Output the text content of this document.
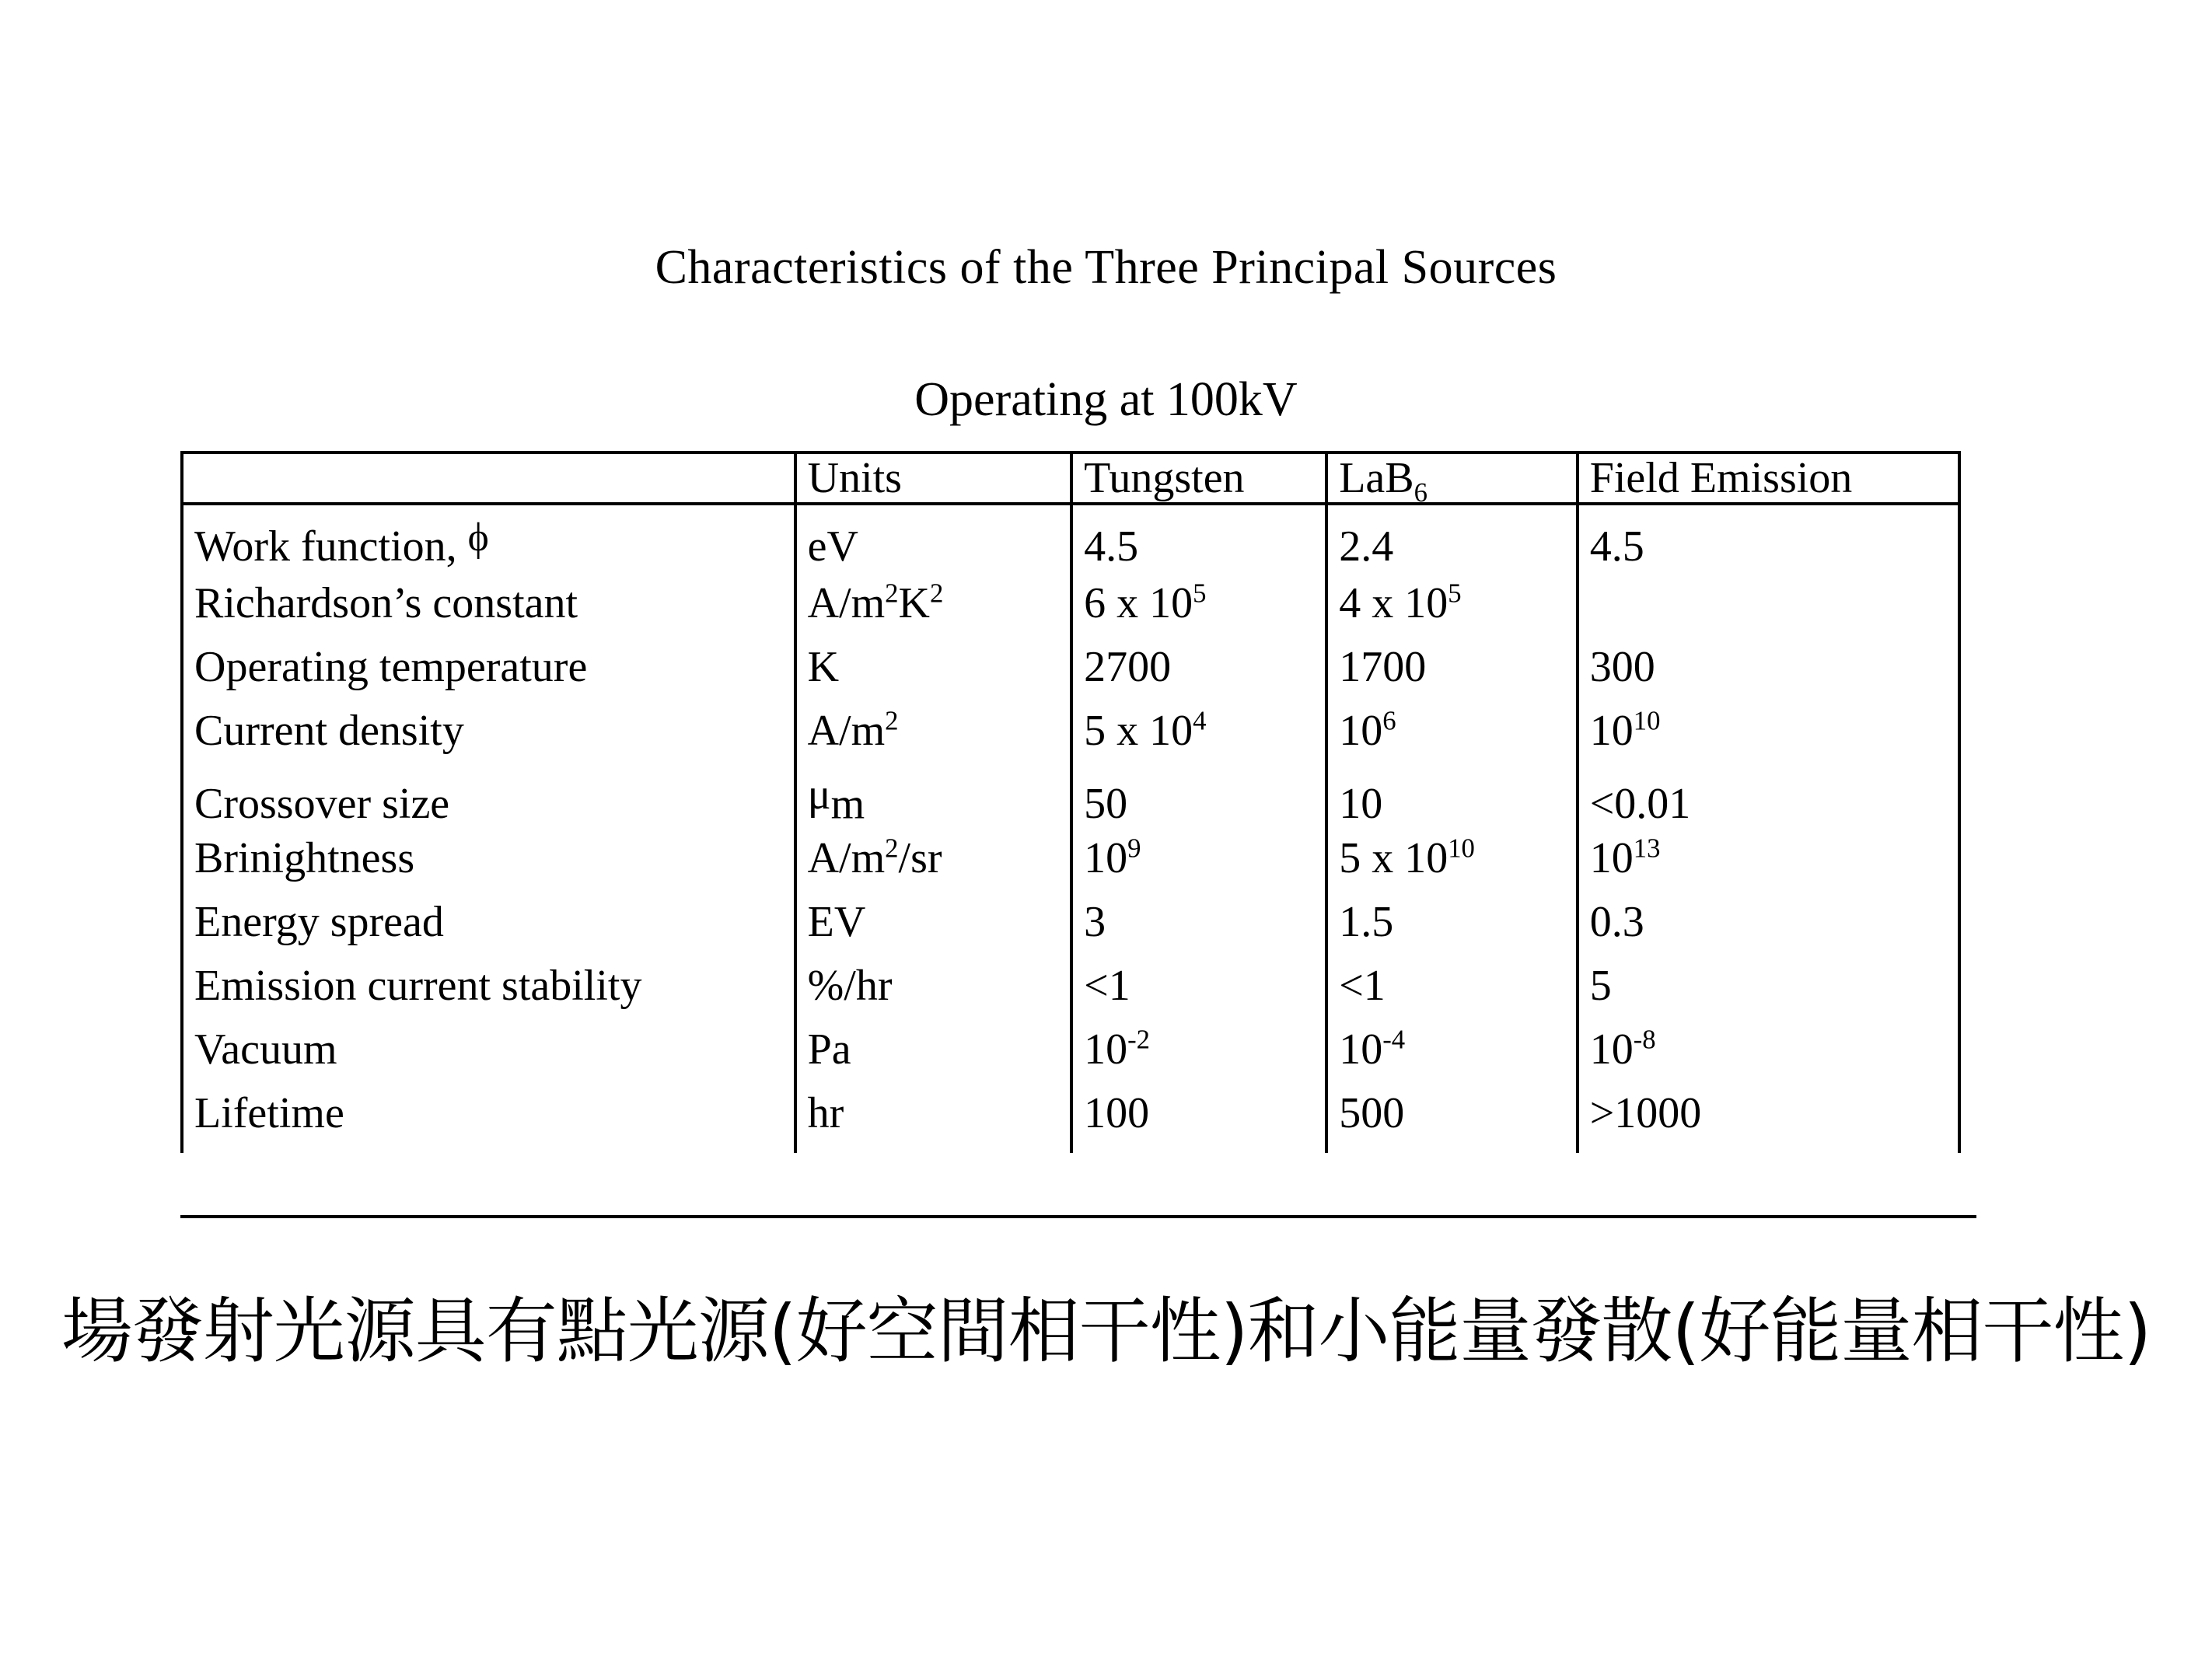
Characteristics of the Three Principal Sources
Operating at 100kV
	Units	Tungsten	LaB$_6$	Field Emission
Work function, ϕ	eV	4.5	2.4	4.5
Richardson’s constant	$A/m^2K^2$	6 x $10^5$	4 x $10^5$	
Operating temperature	K	2700	1700	300
Current density	$A/m^2$	5 x $10^4$	$10^6$	$10^{10}$
Crossover size	μm	50	10	<0.01
Brinightness	$A/m^2/sr$	$10^9$	5 x $10^{10}$	$10^{13}$
Energy spread	EV	3	1.5	0.3
Emission current stability	%/hr	<1	<1	5
Vacuum	Pa	$10^{-2}$	$10^{-4}$	$10^{-8}$
Lifetime	hr	100	500	>1000
場發射光源具有點光源(好空間相干性)和小能量發散(好能量相干性)
